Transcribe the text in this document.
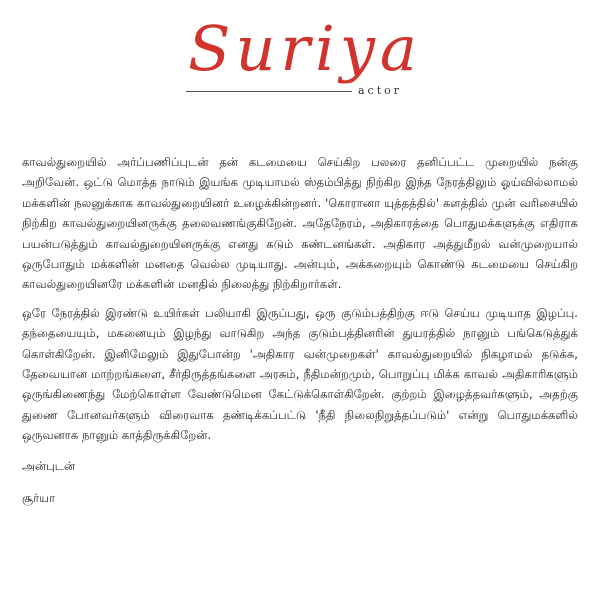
Suriya
actor

காவல்துறையில் அர்ப்பணிப்புடன் தன் கடமையை செய்கிற பலரை தனிப்பட்ட முறையில் நன்கு அறிவேன். ஒட்டு மொத்த நாடும் இயங்க முடியாமல் ஸ்தம்பித்து நிற்கிற இந்த நேரத்திலும் ஓய்வில்லாமல் மக்களின் நலனுக்காக காவல்துறையினர் உழைக்கின்றனர். 'கொரானா யுத்தத்தில்' களத்தில் முன் வரிசையில் நிற்கிற காவல்துறையினருக்கு தலைவணங்குகிறேன். அதேநேரம், அதிகாரத்தை பொதுமக்களுக்கு எதிராக பயன்படுத்தும் காவல்துறையினருக்கு எனது கடும் கண்டனங்கள். அதிகார அத்துமீறல் வன்முறையால் ஒருபோதும் மக்களின் மனதை வெல்ல முடியாது. அன்பும், அக்கறையும் கொண்டு கடமையை செய்கிற காவல்துறையினரே மக்களின் மனதில் நிலைத்து நிற்கிறார்கள்.

ஒரே நேரத்தில் இரண்டு உயிர்கள் பலியாகி இருப்பது, ஒரு குடும்பத்திற்கு ஈடு செய்ய முடியாத இழப்பு. தந்தையையும், மகனையும் இழந்து வாடுகிற அந்த குடும்பத்தினரின் துயரத்தில் நானும் பங்கெடுத்துக் கொள்கிறேன். இனிமேலும் இதுபோன்ற 'அதிகார வன்முறைகள்' காவல்துறையில் நிகழாமல் தடுக்க, தேவையான மாற்றங்களை, சீர்திருத்தங்களை அரசும், நீதிமன்றமும், பொறுப்பு மிக்க காவல் அதிகாரிகளும் ஒருங்கிணைந்து மேற்கொள்ள வேண்டுமென கேட்டுக்கொள்கிறேன். குற்றம் இழைத்தவர்களும், அதற்கு துணை போனவர்களும் விரைவாக தண்டிக்கப்பட்டு 'நீதி நிலைநிறுத்தப்படும்' என்று பொதுமக்களில் ஒருவனாக நானும் காத்திருக்கிறேன்.

அன்புடன்

சூர்யா
